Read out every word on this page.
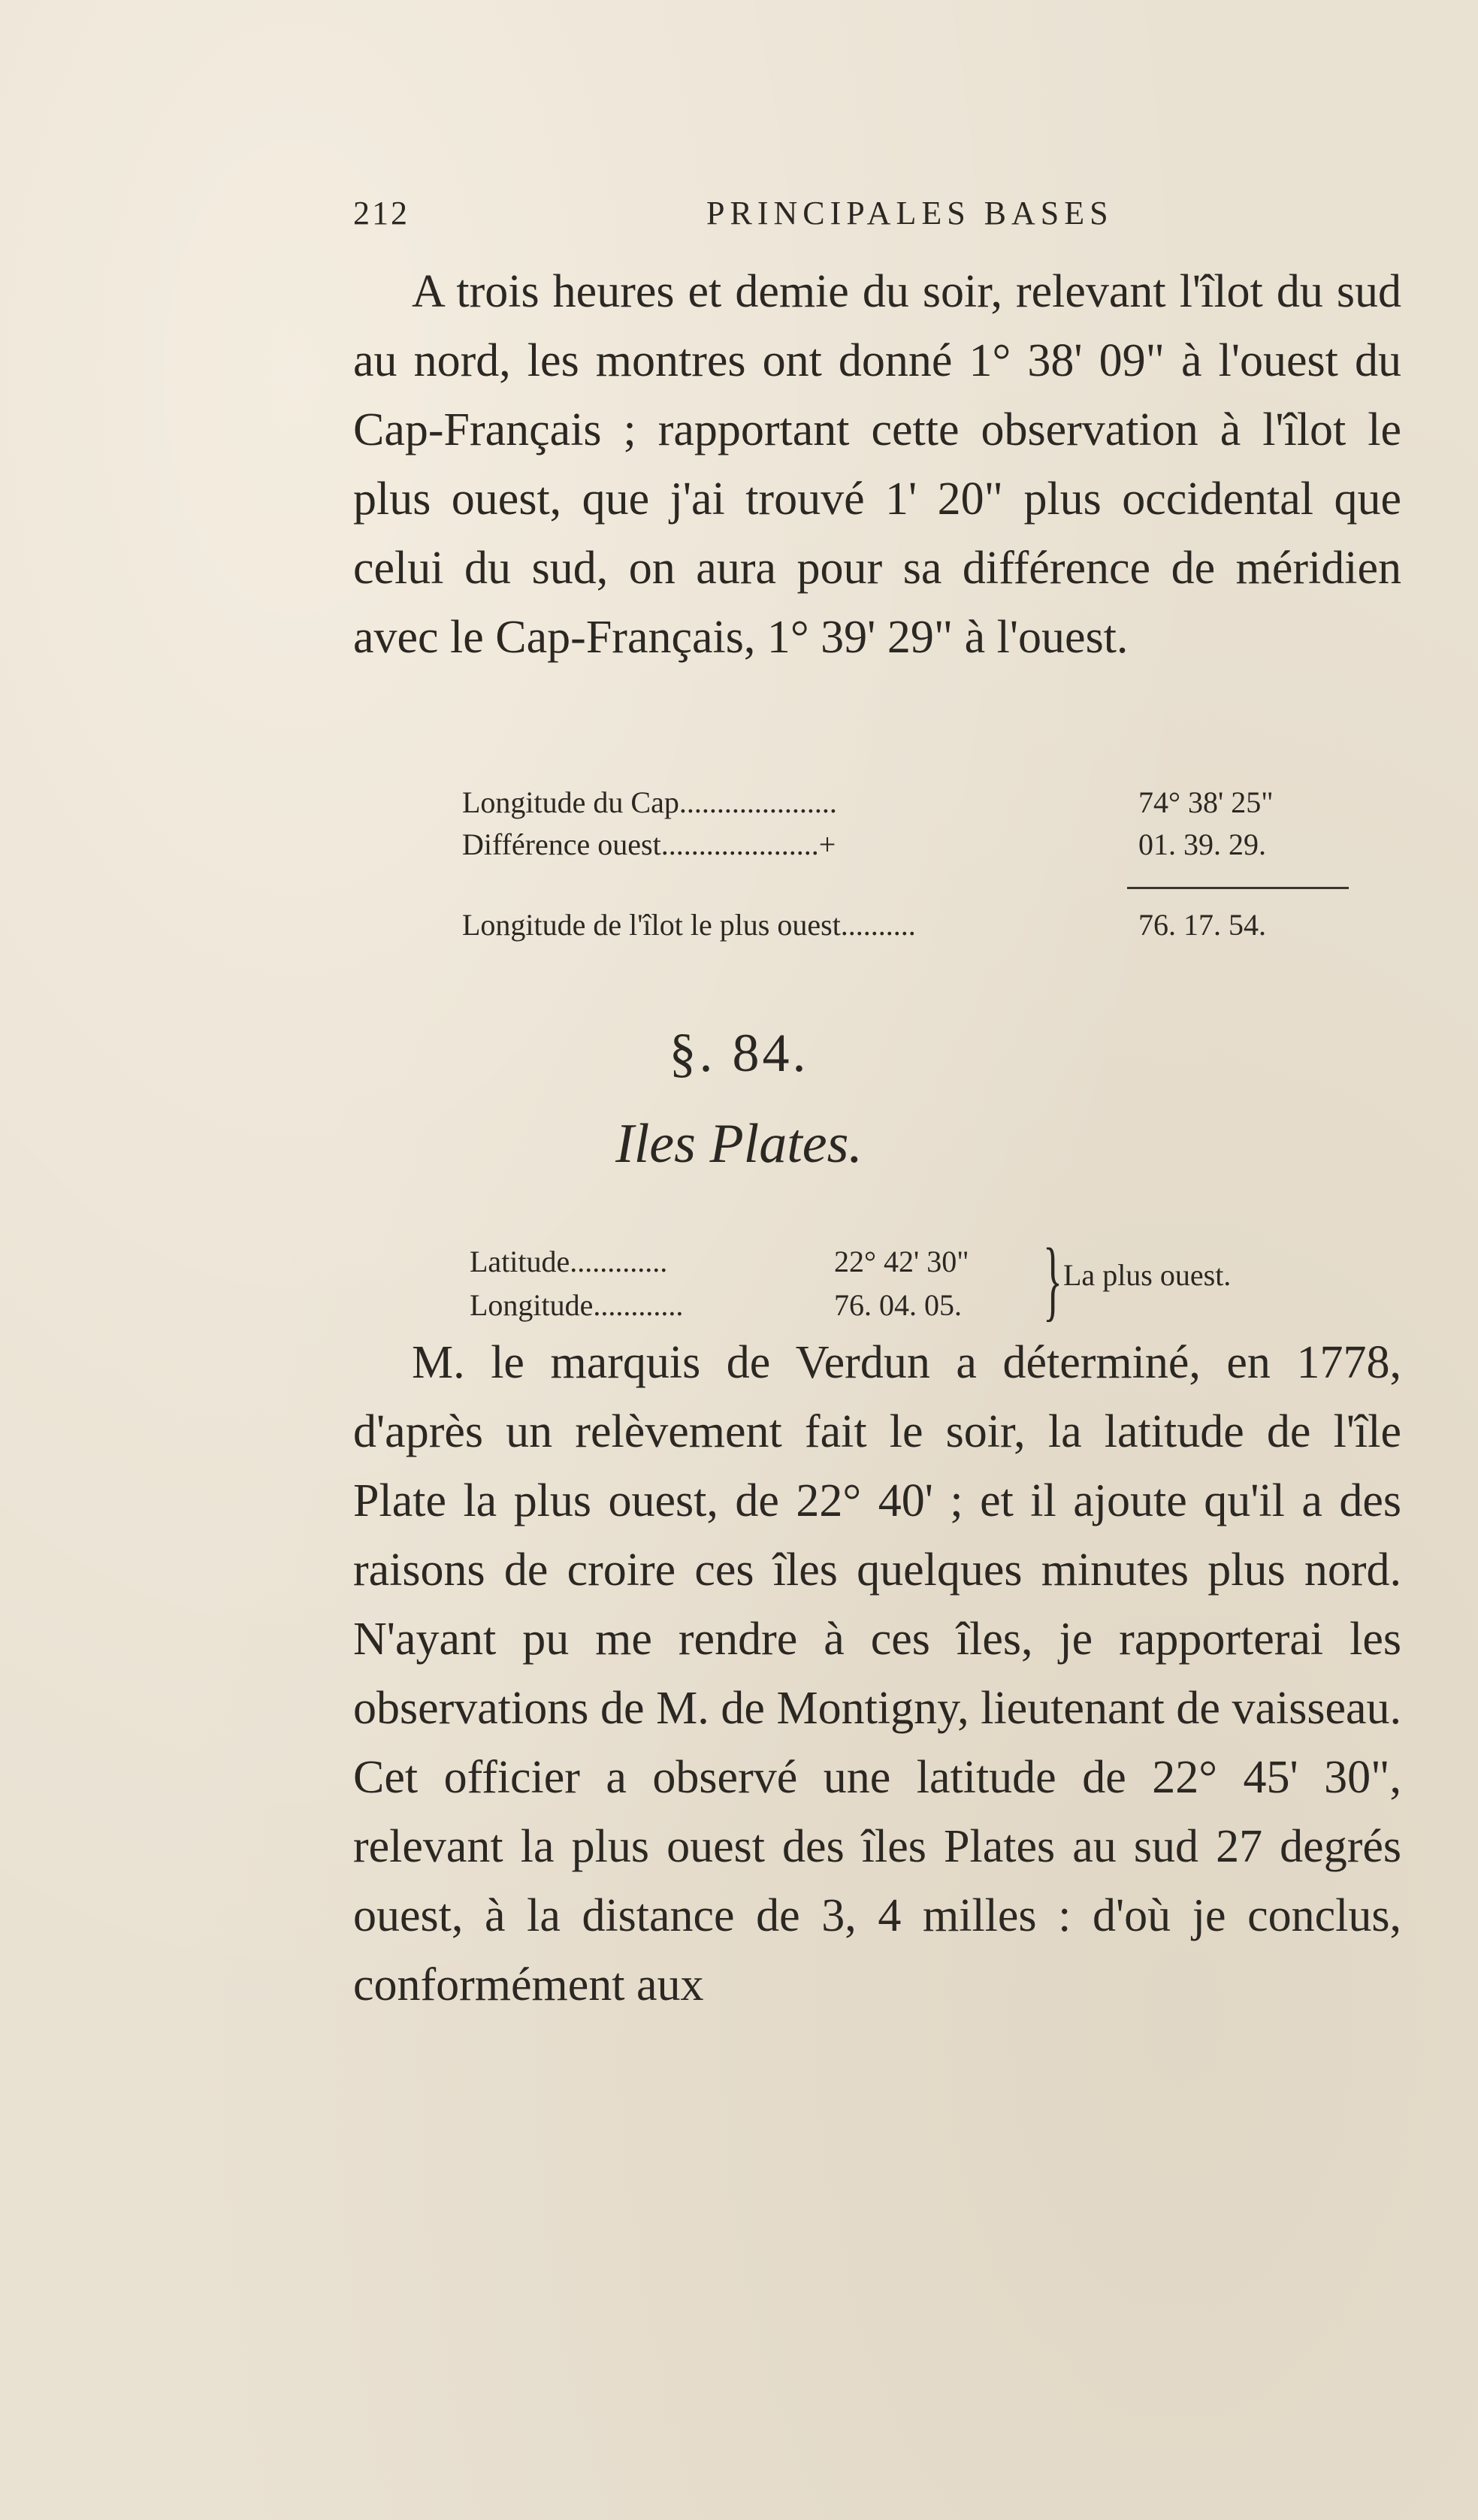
212	PRINCIPALES BASES

A trois heures et demie du soir, relevant l'îlot du sud au nord, les montres ont donné 1° 38' 09" à l'ouest du Cap-Français ; rapportant cette observation à l'îlot le plus ouest, que j'ai trouvé 1' 20" plus occidental que celui du sud, on aura pour sa différence de méridien avec le Cap-Français, 1° 39' 29" à l'ouest.

Longitude du Cap.....................	74° 38' 25"
Différence ouest.....................+	01. 39. 29.
Longitude de l'îlot le plus ouest..........	76. 17. 54.
§. 84.
Iles Plates.
Latitude.............	22° 42' 30"
Longitude............	76. 04. 05. } La plus ouest.

M. le marquis de Verdun a déterminé, en 1778, d'après un relèvement fait le soir, la latitude de l'île Plate la plus ouest, de 22° 40' ; et il ajoute qu'il a des raisons de croire ces îles quelques minutes plus nord. N'ayant pu me rendre à ces îles, je rapporterai les observations de M. de Montigny, lieutenant de vaisseau. Cet officier a observé une latitude de 22° 45' 30", relevant la plus ouest des îles Plates au sud 27 degrés ouest, à la distance de 3, 4 milles : d'où je conclus, conformément aux
